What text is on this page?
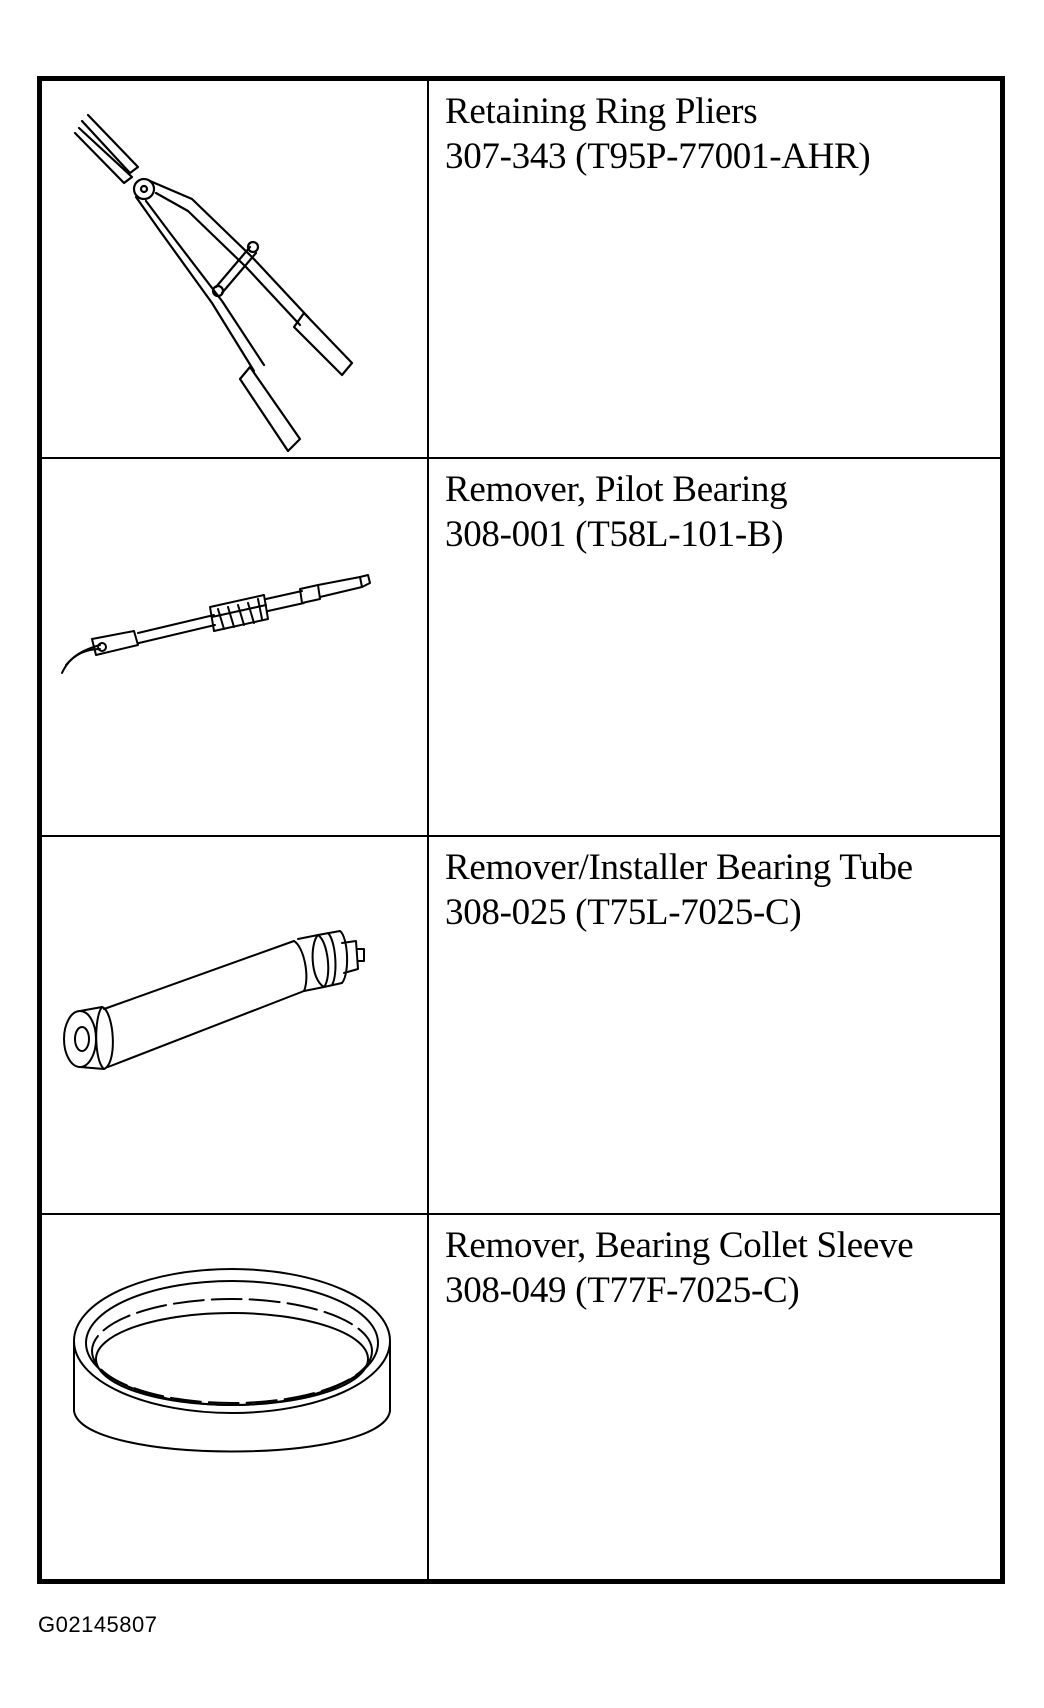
Retaining Ring Pliers
307-343 (T95P-77001-AHR)
Remover, Pilot Bearing
308-001 (T58L-101-B)
Remover/Installer Bearing Tube
308-025 (T75L-7025-C)
Remover, Bearing Collet Sleeve
308-049 (T77F-7025-C)
G02145807
